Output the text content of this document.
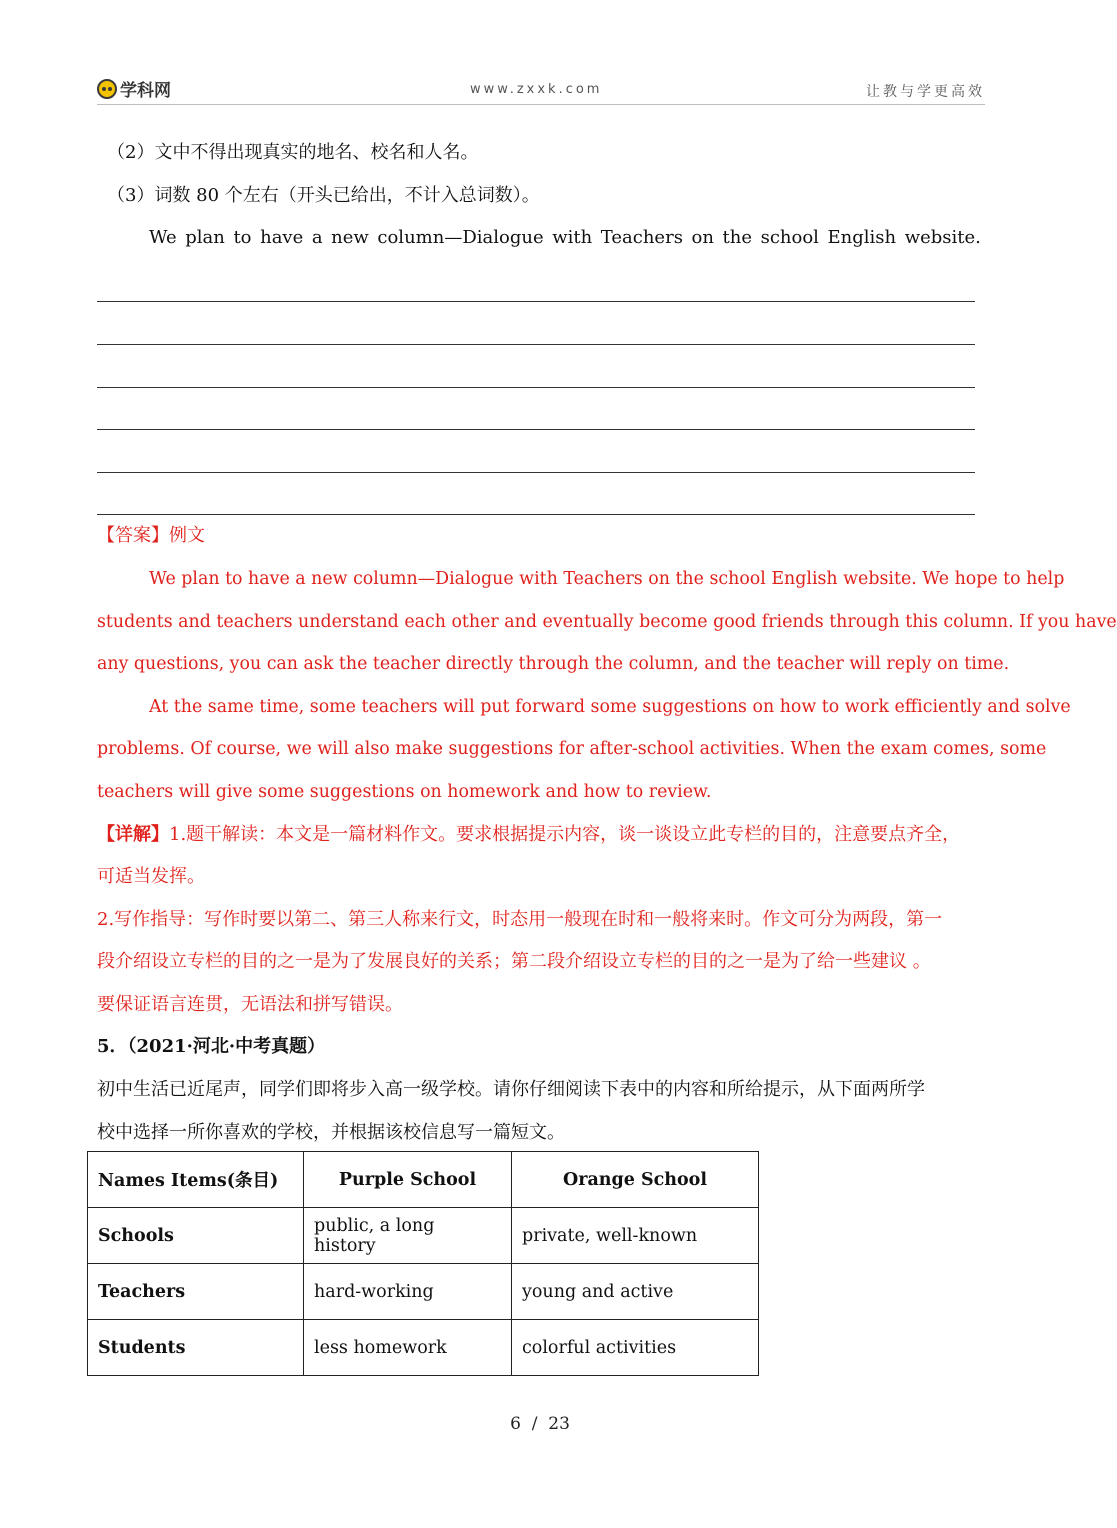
学科网	www.zxxk.com	让教与学更高效
（2）文中不得出现真实的地名、校名和人名。
（3）词数 80 个左右（开头已给出，不计入总词数）。
We plan to have a new column—Dialogue with Teachers on the school English website.
【答案】例文
We plan to have a new column—Dialogue with Teachers on the school English website. We hope to help
students and teachers understand each other and eventually become good friends through this column. If you have
any questions, you can ask the teacher directly through the column, and the teacher will reply on time.
At the same time, some teachers will put forward some suggestions on how to work efficiently and solve
problems. Of course, we will also make suggestions for after-school activities. When the exam comes, some
teachers will give some suggestions on homework and how to review.
【详解】1.题干解读：本文是一篇材料作文。要求根据提示内容，谈一谈设立此专栏的目的，注意要点齐全，
可适当发挥。
2.写作指导：写作时要以第二、第三人称来行文，时态用一般现在时和一般将来时。作文可分为两段，第一
段介绍设立专栏的目的之一是为了发展良好的关系；第二段介绍设立专栏的目的之一是为了给一些建议 。
要保证语言连贯，无语法和拼写错误。
5．（2021·河北·中考真题）
初中生活已近尾声，同学们即将步入高一级学校。请你仔细阅读下表中的内容和所给提示，从下面两所学
校中选择一所你喜欢的学校，并根据该校信息写一篇短文。
Names Items(条目)	Purple School	Orange School
Schools	public, a long history	private, well-known
Teachers	hard-working	young and active
Students	less homework	colorful activities
6 / 23
